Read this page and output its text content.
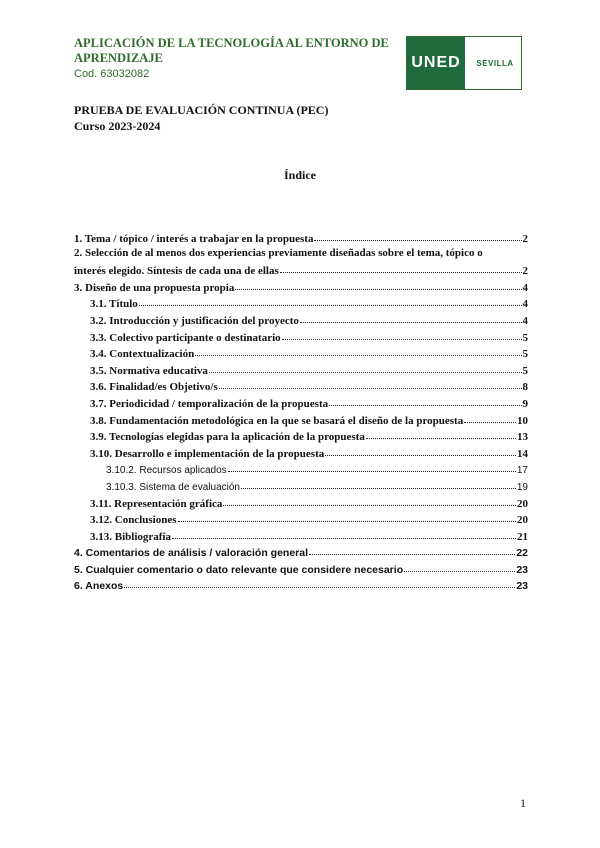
APLICACIÓN DE LA TECNOLOGÍA AL ENTORNO DE APRENDIZAJE
Cod. 63032082
UNED	SEVILLA
PRUEBA DE EVALUACIÓN CONTINUA (PEC)
Curso 2023-2024
Índice
1. Tema / tópico / interés a trabajar en la propuesta	2
2. Selección de al menos dos experiencias previamente diseñadas sobre el tema, tópico o
interés elegido. Síntesis de cada una de ellas	2
3. Diseño de una propuesta propia	4
3.1. Título	4
3.2. Introducción y justificación del proyecto	4
3.3. Colectivo participante o destinatario	5
3.4. Contextualización	5
3.5. Normativa educativa	5
3.6. Finalidad/es Objetivo/s	8
3.7. Periodicidad / temporalización de la propuesta	9
3.8. Fundamentación metodológica en la que se basará el diseño de la propuesta	10
3.9. Tecnologías elegidas para la aplicación de la propuesta	13
3.10. Desarrollo e implementación de la propuesta	14
3.10.2. Recursos aplicados	17
3.10.3. Sistema de evaluación	19
3.11. Representación gráfica	20
3.12. Conclusiones	20
3.13. Bibliografía	21
4. Comentarios de análisis / valoración general	22
5. Cualquier comentario o dato relevante que considere necesario	23
6. Anexos	23
1
